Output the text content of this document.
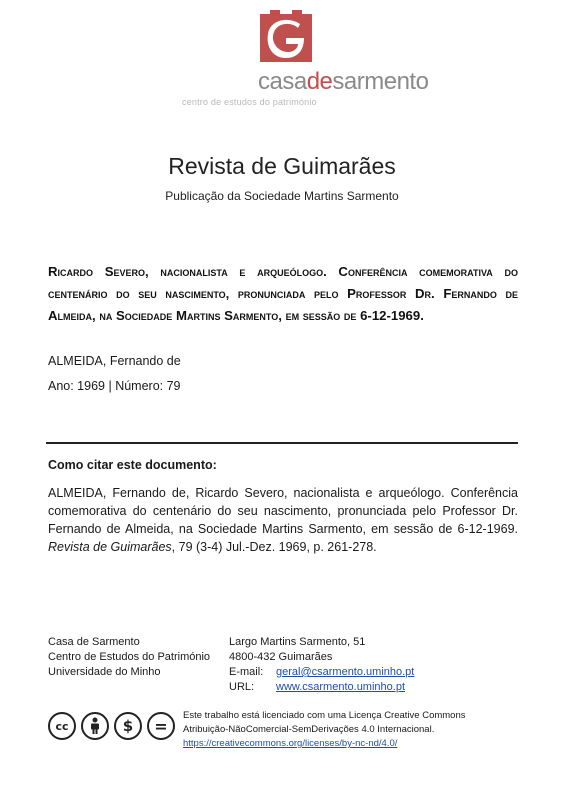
casadesarmento
centro de estudos do património
Revista de Guimarães
Publicação da Sociedade Martins Sarmento
Ricardo Severo, nacionalista e arqueólogo. Conferência comemorativa do centenário do seu nascimento, pronunciada pelo Professor Dr. Fernando de Almeida, na Sociedade Martins Sarmento, em sessão de 6-12-1969.
ALMEIDA, Fernando de
Ano: 1969 | Número: 79
Como citar este documento:
ALMEIDA, Fernando de, Ricardo Severo, nacionalista e arqueólogo. Conferência comemorativa do centenário do seu nascimento, pronunciada pelo Professor Dr. Fernando de Almeida, na Sociedade Martins Sarmento, em sessão de 6-12-1969. Revista de Guimarães, 79 (3-4) Jul.-Dez. 1969, p. 261-278.
Casa de Sarmento
Centro de Estudos do Património
Universidade do Minho
Largo Martins Sarmento, 51
4800-432 Guimarães
E-mail: geral@csarmento.uminho.pt
URL: www.csarmento.uminho.pt
cc	$	=
Este trabalho está licenciado com uma Licença Creative Commons
Atribuição-NãoComercial-SemDerivações 4.0 Internacional.
https://creativecommons.org/licenses/by-nc-nd/4.0/
